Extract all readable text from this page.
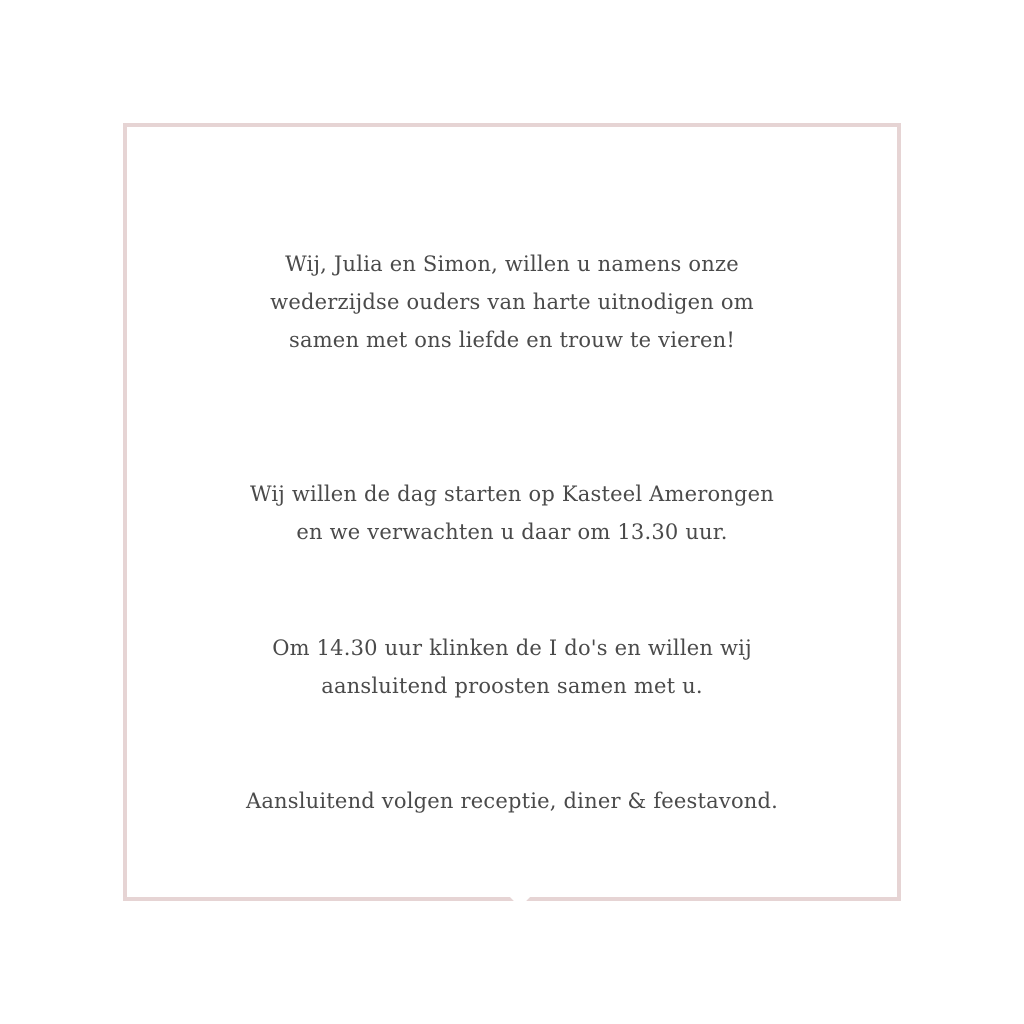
Wij, Julia en Simon, willen u namens onze
wederzijdse ouders van harte uitnodigen om
samen met ons liefde en trouw te vieren!
Wij willen de dag starten op Kasteel Amerongen
en we verwachten u daar om 13.30 uur.
Om 14.30 uur klinken de I do's en willen wij
aansluitend proosten samen met u.
Aansluitend volgen receptie, diner & feestavond.
